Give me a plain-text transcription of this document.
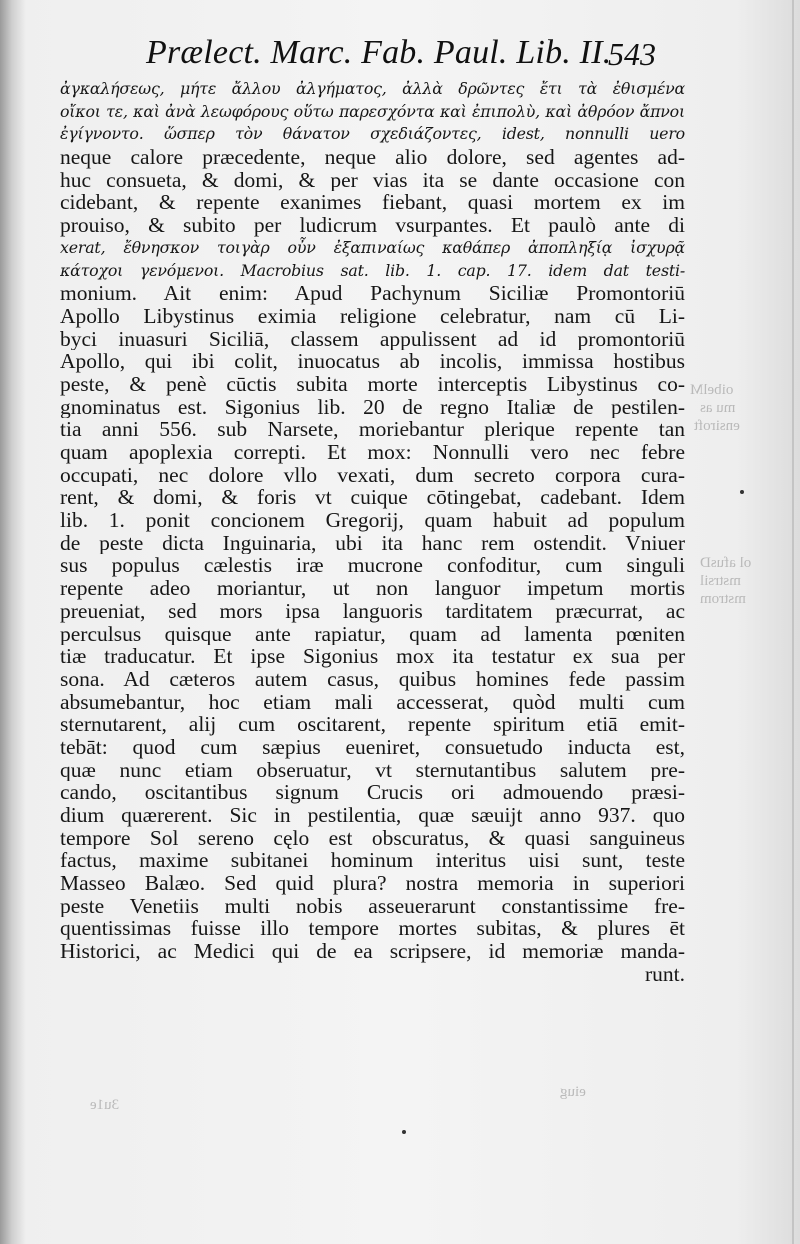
Prælect. Marc. Fab. Paul. Lib. II.
543
ἀγκαλήσεως, μήτε ἄλλου ἀλγήματος, ἀλλὰ δρῶντες ἔτι τὰ ἐθισμένα
οἴκοι τε, καὶ ἀνὰ λεωφόρους οὕτω παρεσχόντα καὶ ἐπιπολὺ, καὶ ἀθρόον ἄπνοι
ἐγίγνοντο. ὥσπερ τὸν θάνατον σχεδιάζοντες, idest, nonnulli uero
neque calore præcedente, neque alio dolore, sed agentes ad-
huc consueta, & domi, & per vias ita se dante occasione con
cidebant, & repente exanimes fiebant, quasi mortem ex im
prouiso, & subito per ludicrum vsurpantes. Et paulò ante di
xerat, ἔθνησκον τοιγὰρ οὖν ἐξαπιναίως καθάπερ ἀποπληξίᾳ ἰσχυρᾷ
κάτοχοι γενόμενοι. Macrobius sat. lib. 1. cap. 17. idem dat testi-
monium. Ait enim: Apud Pachynum Siciliæ Promontoriū
Apollo Libystinus eximia religione celebratur, nam cū Li-
byci inuasuri Siciliā, classem appulissent ad id promontoriū
Apollo, qui ibi colit, inuocatus ab incolis, immissa hostibus
peste, & penè cūctis subita morte interceptis Libystinus co-
gnominatus est. Sigonius lib. 20 de regno Italiæ de pestilen-
tia anni 556. sub Narsete, moriebantur plerique repente tan
quam apoplexia correpti. Et mox: Nonnulli vero nec febre
occupati, nec dolore vllo vexati, dum secreto corpora cura-
rent, & domi, & foris vt cuique cōtingebat, cadebant. Idem
lib. 1. ponit concionem Gregorij, quam habuit ad populum
de peste dicta Inguinaria, ubi ita hanc rem ostendit. Vniuer
sus populus cælestis iræ mucrone confoditur, cum singuli
repente adeo moriantur, ut non languor impetum mortis
preueniat, sed mors ipsa languoris tarditatem præcurrat, ac
perculsus quisque ante rapiatur, quam ad lamenta pœniten
tiæ traducatur. Et ipse Sigonius mox ita testatur ex sua per
sona. Ad cæteros autem casus, quibus homines fede passim
absumebantur, hoc etiam mali accesserat, quòd multi cum
sternutarent, alij cum oscitarent, repente spiritum etiā emit-
tebāt: quod cum sæpius eueniret, consuetudo inducta est,
quæ nunc etiam obseruatur, vt sternutantibus salutem pre-
cando, oscitantibus signum Crucis ori admouendo præsi-
dium quærerent. Sic in pestilentia, quæ sæuijt anno 937. quo
tempore Sol sereno cęlo est obscuratus, & quasi sanguineus
factus, maxime subitanei hominum interitus uisi sunt, teste
Masseo Balæo. Sed quid plura? nostra memoria in superiori
peste Venetiis multi nobis asseuerarunt constantissime fre-
quentissimas fuisse illo tempore mortes subitas, & plures ēt
Historici, ac Medici qui de ea scripsere, id memoriæ manda-
runt.
oibelM
mu as
ensiroft
ol afusD
mstrsil
mstrom
3u1e
eiug
